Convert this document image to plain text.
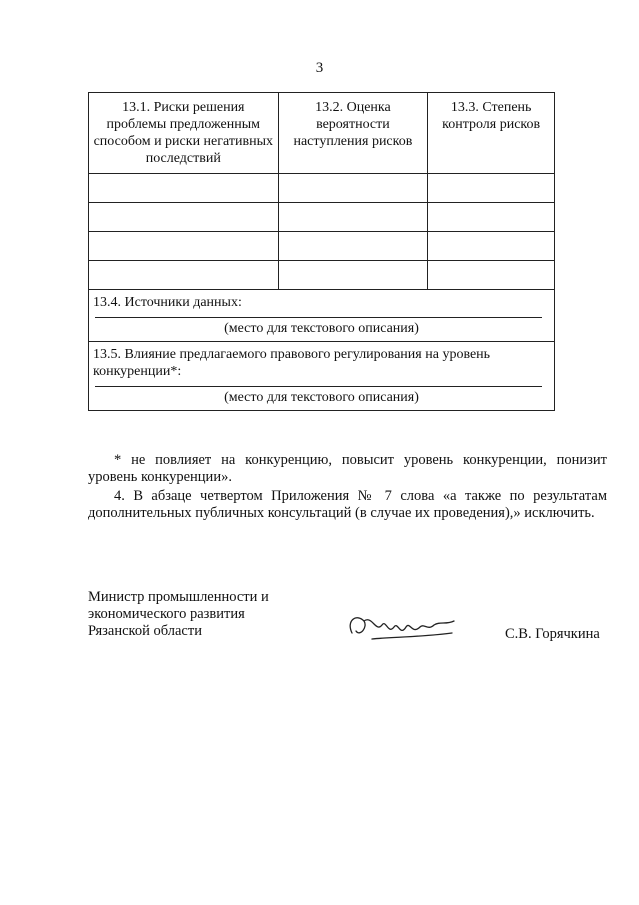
3
13.1. Риски решения проблемы предложенным способом и риски негативных последствий	13.2. Оценка вероятности наступления рисков	13.3. Степень контроля рисков

13.4. Источники данных:
(место для текстового описания)		

13.5. Влияние предлагаемого правового регулирования на уровень конкуренции*:
(место для текстового описания)		

* не повлияет на конкуренцию, повысит уровень конкуренции, понизит уровень конкуренции».

4. В абзаце четвертом Приложения № 7 слова «а также по результатам дополнительных публичных консультаций (в случае их проведения),» исключить.

Министр промышленности и
экономического развития
Рязанской области	С.В. Горячкина
